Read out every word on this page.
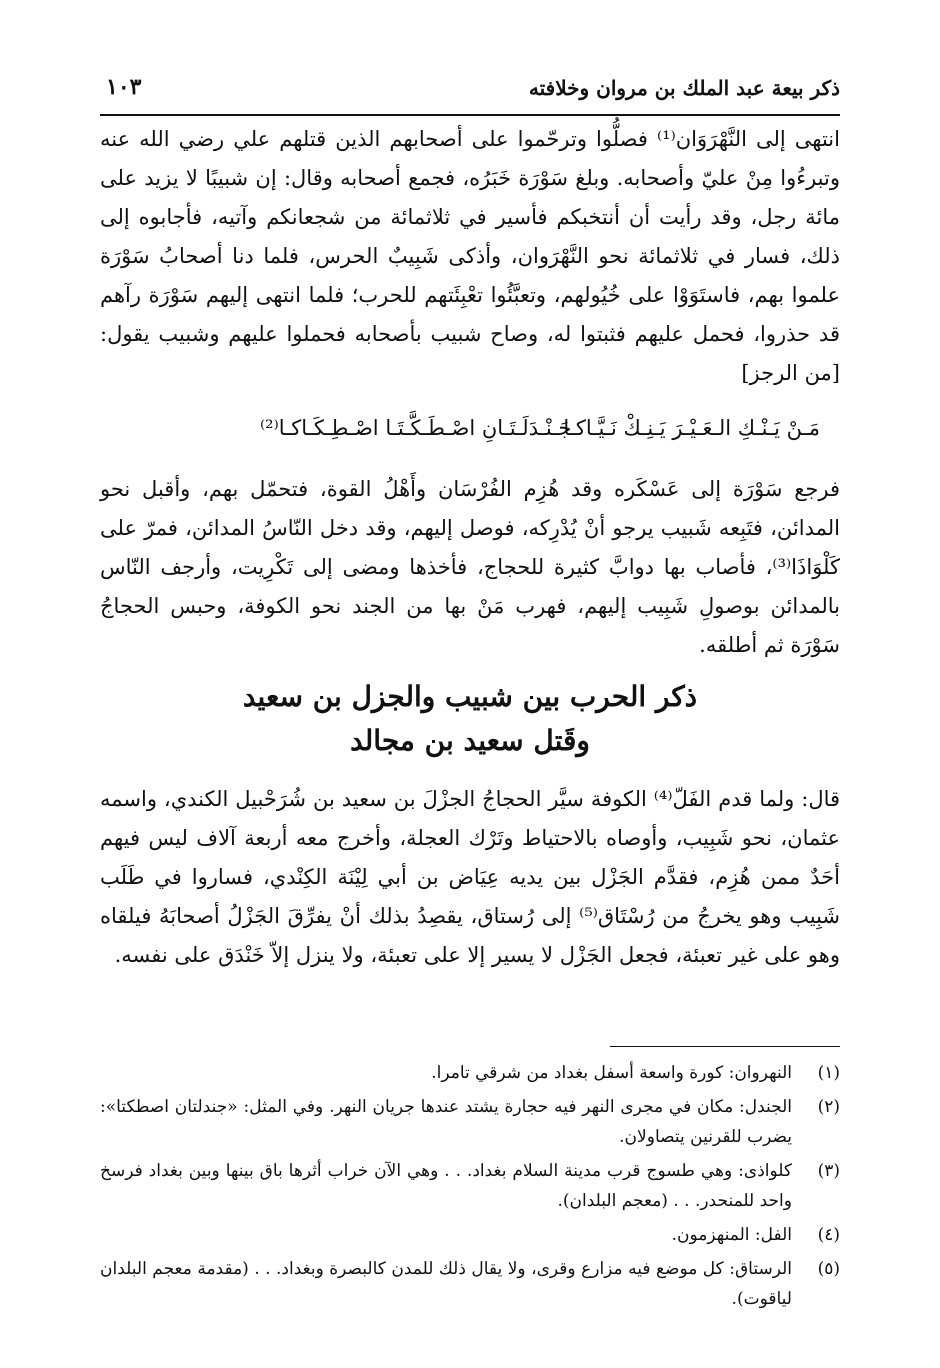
ذكر بيعة عبد الملك بن مروان وخلافته
١٠٣

انتهى إلى النَّهْرَوَان⁽¹⁾ فصلُّوا وترحّموا على أصحابهم الذين قتلهم علي رضي الله عنه وتبرءُوا مِنْ عليّ وأصحابه. وبلغ سَوْرَة خَبَرُه، فجمع أصحابه وقال: إن شبيبًا لا يزيد على مائة رجل، وقد رأيت أن أنتخبكم فأسير في ثلاثمائة من شجعانكم وآتيه، فأجابوه إلى ذلك، فسار في ثلاثمائة نحو النَّهْرَوان، وأذكى شَبِيبٌ الحرس، فلما دنا أصحابُ سَوْرَة علموا بهم، فاستَوَوْا على خُيُولهم، وتعبَّئُوا تعْبِئَتهم للحرب؛ فلما انتهى إليهم سَوْرَة رآهم قد حذروا، فحمل عليهم فثبتوا له، وصاح شبيب بأصحابه فحملوا عليهم وشبيب يقول: [من الرجز]

مَـنْ يَـنْـكِ الـعَـيْـرَ يَـنِـكْ نَـيَّـاكـا
جَـنْـدَلَـتَـانِ اصْـطَـكَّـتَـا اصْـطِـكَـاكـا⁽²⁾

فرجع سَوْرَة إلى عَسْكَره وقد هُزِم الفُرْسَان وأَهْلُ القوة، فتحمّل بهم، وأقبل نحو المدائن، فتَبِعه شَبيب يرجو أنْ يُدْرِكه، فوصل إليهم، وقد دخل النّاسُ المدائن، فمرّ على كَلْوَاذَا⁽³⁾، فأصاب بها دوابَّ كثيرة للحجاج، فأخذها ومضى إلى تَكْرِيت، وأرجف النّاس بالمدائن بوصولِ شَبِيب إليهم، فهرب مَنْ بها من الجند نحو الكوفة، وحبس الحجاجُ سَوْرَة ثم أطلقه.

ذكر الحرب بين شبيب والجزل بن سعيد
وقَتل سعيد بن مجالد

قال: ولما قدم الفَلّ⁽⁴⁾ الكوفة سيَّر الحجاجُ الجزْلَ بن سعيد بن شُرَحْبيل الكندي، واسمه عثمان، نحو شَبِيب، وأوصاه بالاحتياط وتَرْك العجلة، وأخرج معه أربعة آلاف ليس فيهم أحَدٌ ممن هُزِم، فقدَّم الجَزْل بين يديه عِيَاض بن أبي لِيْنَة الكِنْدي، فساروا في طَلَب شَبِيب وهو يخرجُ من رُسْتَاق⁽⁵⁾ إلى رُستاق، يقصِدُ بذلك أنْ يفرِّقَ الجَزْلُ أصحابَهُ فيلقاه وهو على غير تعبئة، فجعل الجَزْل لا يسير إلا على تعبئة، ولا ينزل إلاّ خَنْدَق على نفسه.

(١)
النهروان: كورة واسعة أسفل بغداد من شرقي تامرا.
(٢)
الجندل: مكان في مجرى النهر فيه حجارة يشتد عندها جريان النهر. وفي المثل: «جندلتان اصطكتا»: يضرب للقرنين يتصاولان.
(٣)
كلواذى: وهي طسوج قرب مدينة السلام بغداد. . . وهي الآن خراب أثرها باق بينها وبين بغداد فرسخ واحد للمنحدر. . . (معجم البلدان).
(٤)
الفل: المنهزمون.
(٥)
الرستاق: كل موضع فيه مزارع وقرى، ولا يقال ذلك للمدن كالبصرة وبغداد. . . (مقدمة معجم البلدان لياقوت).
